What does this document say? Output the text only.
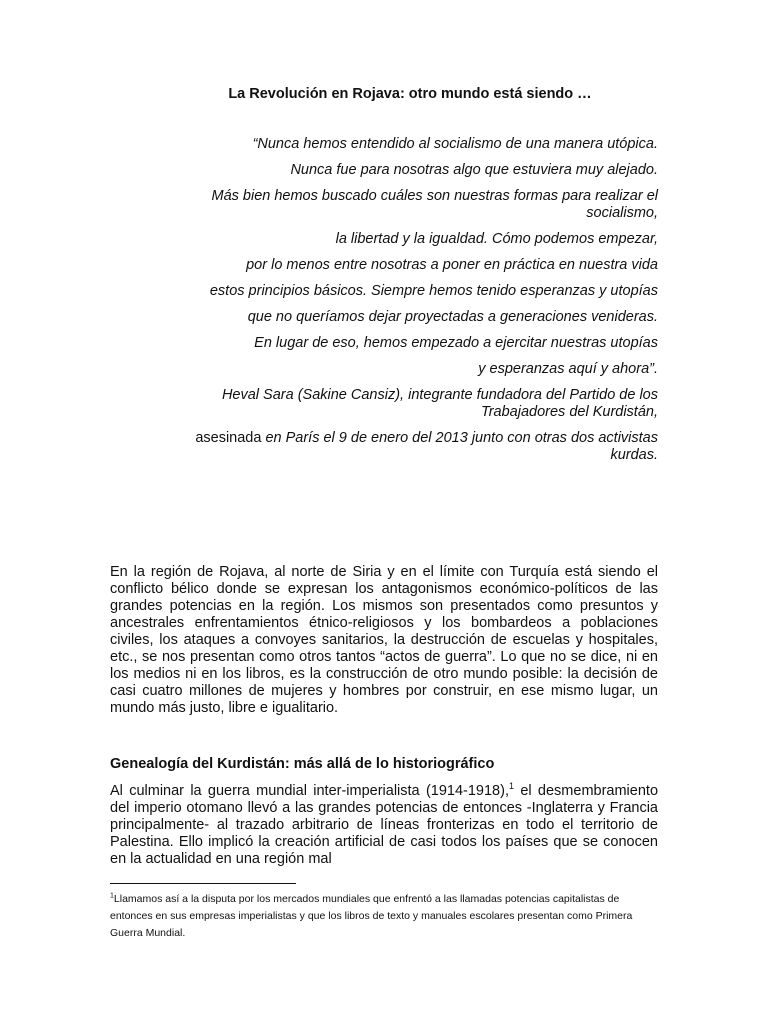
La Revolución en Rojava: otro mundo está siendo …

“Nunca hemos entendido al socialismo de una manera utópica.

Nunca fue para nosotras algo que estuviera muy alejado.

Más bien hemos buscado cuáles son nuestras formas para realizar el socialismo,

la libertad y la igualdad. Cómo podemos empezar,

por lo menos entre nosotras a poner en práctica en nuestra vida

estos principios básicos. Siempre hemos tenido esperanzas y utopías

que no queríamos dejar proyectadas a generaciones venideras.

En lugar de eso, hemos empezado a ejercitar nuestras utopías

y esperanzas aquí y ahora”.

Heval Sara (Sakine Cansiz), integrante fundadora del Partido de los Trabajadores del Kurdistán,

asesinada en París el 9 de enero del 2013 junto con otras dos activistas kurdas.

En la región de Rojava, al norte de Siria y en el límite con Turquía está siendo el conflicto bélico donde se expresan los antagonismos económico-políticos de las grandes potencias en la región. Los mismos son presentados como presuntos y ancestrales enfrentamientos étnico-religiosos y los bombardeos a poblaciones civiles, los ataques a convoyes sanitarios, la destrucción de escuelas y hospitales, etc., se nos presentan como otros tantos “actos de guerra”. Lo que no se dice, ni en los medios ni en los libros, es la construcción de otro mundo posible: la decisión de casi cuatro millones de mujeres y hombres por construir, en ese mismo lugar, un mundo más justo, libre e igualitario.

Genealogía del Kurdistán: más allá de lo historiográfico

Al culminar la guerra mundial inter-imperialista (1914-1918),$^1$ el desmembramiento del imperio otomano llevó a las grandes potencias de entonces -Inglaterra y Francia principalmente- al trazado arbitrario de líneas fronterizas en todo el territorio de Palestina. Ello implicó la creación artificial de casi todos los países que se conocen en la actualidad en una región mal

$^1$Llamamos así a la disputa por los mercados mundiales que enfrentó a las llamadas potencias capitalistas de entonces en sus empresas imperialistas y que los libros de texto y manuales escolares presentan como Primera Guerra Mundial.
